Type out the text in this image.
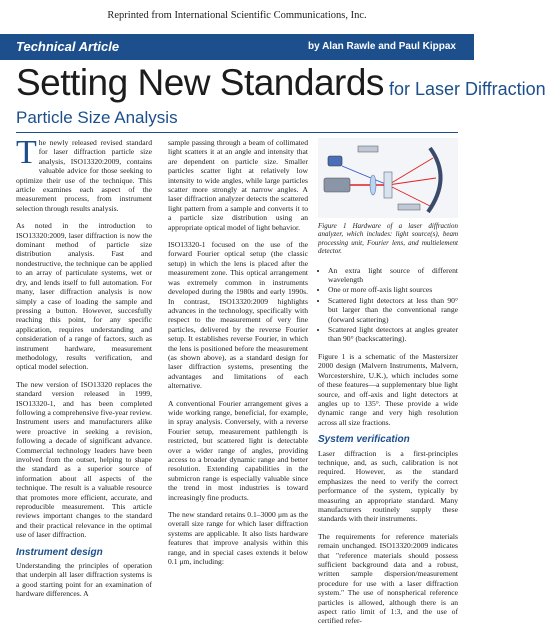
Reprinted from International Scientific Communications, Inc.
Technical Article	by Alan Rawle and Paul Kippax
Setting New Standards for Laser Diffraction
Particle Size Analysis

The newly released revised standard for laser diffraction particle size analysis, ISO13320:2009, contains valuable advice for those seeking to optimize their use of the technique. This article examines each aspect of the measurement process, from instrument selection through results analysis.

As noted in the introduction to ISO13320:2009, laser diffraction is now the dominant method of particle size distribution analysis. Fast and nondestructive, the technique can be applied to an array of particulate systems, wet or dry, and lends itself to full automation. For many, laser diffraction analysis is now simply a case of loading the sample and pressing a button. However, succesfully reaching this point, for any specific application, requires understanding and consideration of a range of factors, such as instrument hardware, measurement methodology, results verification, and optical model selection.

The new version of ISO13320 replaces the standard version released in 1999, ISO13320-1, and has been completed following a comprehensive five-year review. Instrument users and manufacturers alike were proactive in seeking a revision, following a decade of significant advance. Commercial technology leaders have been involved from the outset, helping to shape the standard as a superior source of information about all aspects of the technique. The result is a valuable resource that promotes more efficient, accurate, and reproducible measurement. This article reviews important changes to the standard and their practical relevance in the optimal use of laser diffraction.

Instrument design

Understanding the principles of operation that underpin all laser diffraction systems is a good starting point for an examination of hardware differences. A

sample passing through a beam of collimated light scatters it at an angle and intensity that are dependent on particle size. Smaller particles scatter light at relatively low intensity to wide angles, while large particles scatter more strongly at narrow angles. A laser diffraction analyzer detects the scattered light pattern from a sample and converts it to a particle size distribution using an appropriate optical model of light behavior.

ISO13320-1 focused on the use of the forward Fourier optical setup (the classic setup) in which the lens is placed after the measurement zone. This optical arrangement was extremely common in instruments developed during the 1980s and early 1990s. In contrast, ISO13320:2009 highlights advances in the technology, specifically with respect to the measurement of very fine particles, delivered by the reverse Fourier setup. It establishes reverse Fourier, in which the lens is positioned before the measurement (as shown above), as a standard design for laser diffraction systems, presenting the advantages and limitations of each alternative.

A conventional Fourier arrangement gives a wide working range, beneficial, for example, in spray analysis. Conversely, with a reverse Fourier setup, measurement pathlength is restricted, but scattered light is detectable over a wider range of angles, providing access to a broader dynamic range and better resolution. Extending capabilities in the submicron range is especially valuable since the trend in most industries is toward increasingly fine products.

The new standard retains 0.1–3000 μm as the overall size range for which laser diffraction systems are applicable. It also lists hardware features that improve analysis within this range, and in special cases extends it below 0.1 μm, including:

Figure 1 Hardware of a laser diffraction analyzer, which includes: light source(s), beam processing unit, Fourier lens, and multielement detector.
• An extra light source of different wavelength
• One or more off-axis light sources
• Scattered light detectors at less than 90° but larger than the conventional range (forward scattering)
• Scattered light detectors at angles greater than 90° (backscattering).

Figure 1 is a schematic of the Mastersizer 2000 design (Malvern Instruments, Malvern, Worcestershire, U.K.), which includes some of these features—a supplementary blue light source, and off-axis and light detectors at angles up to 135°. These provide a wide dynamic range and very high resolution across all size fractions.

System verification

Laser diffraction is a first-principles technique, and, as such, calibration is not required. However, as the standard emphasizes the need to verify the correct performance of the system, typically by measuring an appropriate standard. Many manufacturers routinely supply these standards with their instruments.

The requirements for reference materials remain unchanged. ISO13320:2009 indicates that "reference materials should possess sufficient background data and a robust, written sample dispersion/measurement procedure for use with a laser diffraction system." The use of nonspherical reference particles is allowed, although there is an aspect ratio limit of 1:3, and the use of certified refer-
